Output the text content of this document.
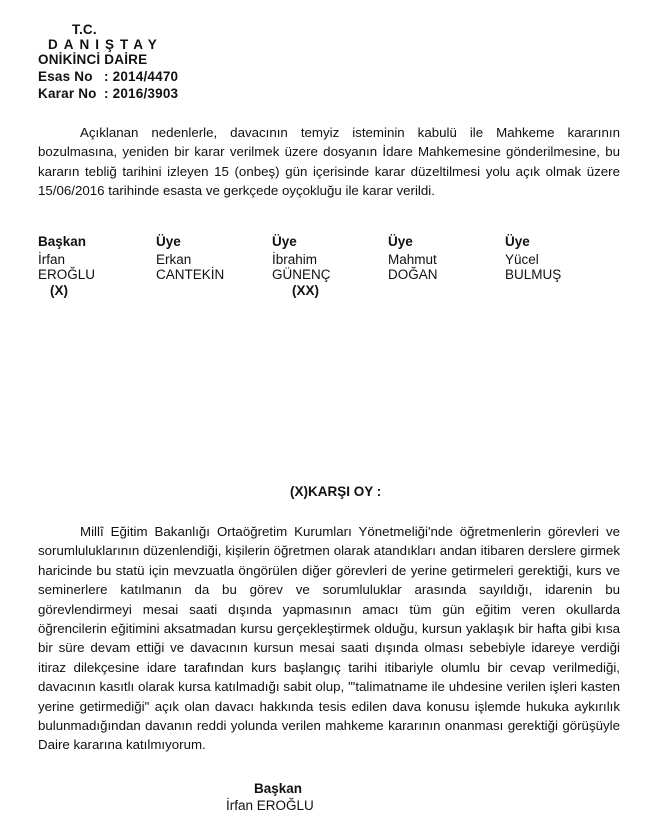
T.C.
DANIŞTAY
ONİKİNCİ DAİRE
Esas No : 2014/4470
Karar No : 2016/3903
Açıklanan nedenlerle, davacının temyiz isteminin kabulü ile Mahkeme kararının bozulmasına, yeniden bir karar verilmek üzere dosyanın İdare Mahkemesine gönderilmesine, bu kararın tebliğ tarihini izleyen 15 (onbeş) gün içerisinde karar düzeltilmesi yolu açık olmak üzere 15/06/2016 tarihinde esasta ve gerkçede oyçokluğu ile karar verildi.
Başkan
İrfan
EROĞLU
(X)
Üye
Erkan
CANTEKİN
Üye
İbrahim
GÜNENÇ
(XX)
Üye
Mahmut
DOĞAN
Üye
Yücel
BULMUŞ
(X)KARŞI OY :
Millî Eğitim Bakanlığı Ortaöğretim Kurumları Yönetmeliği'nde öğretmenlerin görevleri ve sorumluluklarının düzenlendiği, kişilerin öğretmen olarak atandıkları andan itibaren derslere girmek haricinde bu statü için mevzuatla öngörülen diğer görevleri de yerine getirmeleri gerektiği, kurs ve seminerlere katılmanın da bu görev ve sorumluluklar arasında sayıldığı, idarenin bu görevlendirmeyi mesai saati dışında yapmasının amacı tüm gün eğitim veren okullarda öğrencilerin eğitimini aksatmadan kursu gerçekleştirmek olduğu, kursun yaklaşık bir hafta gibi kısa bir süre devam ettiği ve davacının kursun mesai saati dışında olması sebebiyle idareye verdiği itiraz dilekçesine idare tarafından kurs başlangıç tarihi itibariyle olumlu bir cevap verilmediği, davacının kasıtlı olarak kursa katılmadığı sabit olup, "'talimatname ile uhdesine verilen işleri kasten yerine getirmediği" açık olan davacı hakkında tesis edilen dava konusu işlemde hukuka aykırılık bulunmadığından davanın reddi yolunda verilen mahkeme kararının onanması gerektiği görüşüyle Daire kararına katılmıyorum.
Başkan
İrfan EROĞLU
